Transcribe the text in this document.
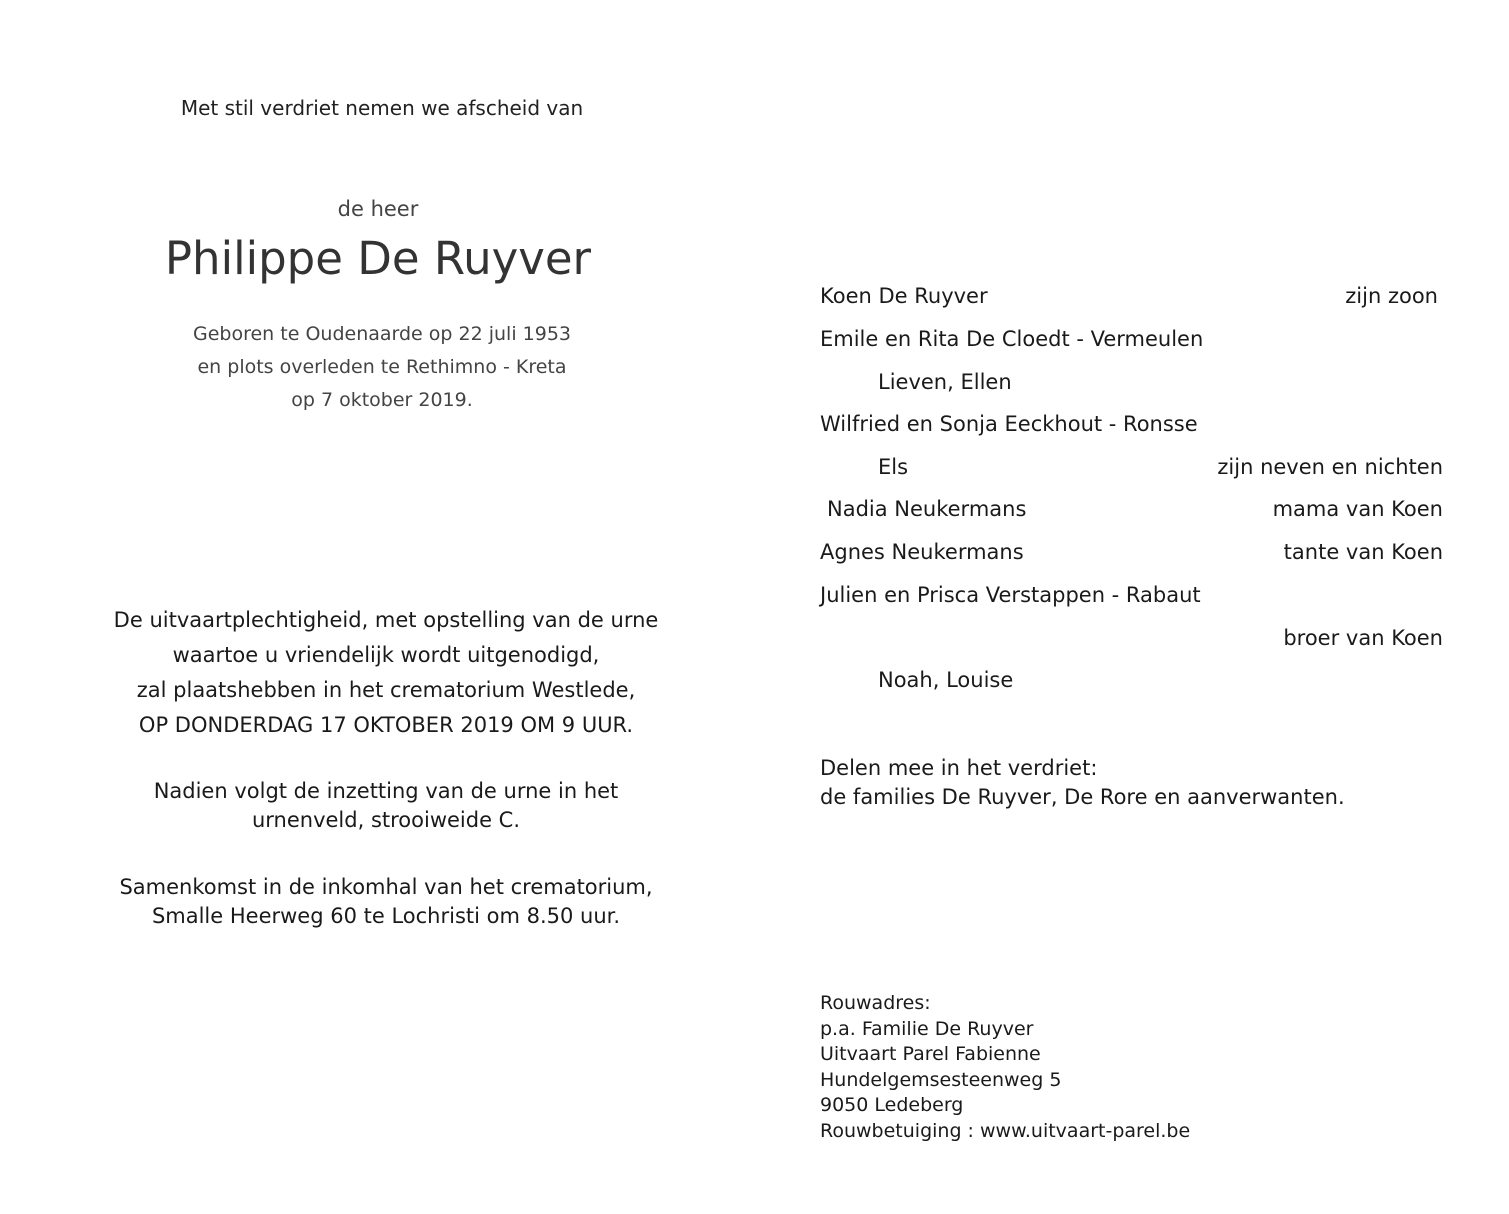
Met stil verdriet nemen we afscheid van
de heer
Philippe De Ruyver
Geboren te Oudenaarde op 22 juli 1953
en plots overleden te Rethimno - Kreta
op 7 oktober 2019.
De uitvaartplechtigheid, met opstelling van de urne
waartoe u vriendelijk wordt uitgenodigd,
zal plaatshebben in het crematorium Westlede,
OP DONDERDAG 17 OKTOBER 2019 OM 9 UUR.
Nadien volgt de inzetting van de urne in het
urnenveld, strooiweide C.
Samenkomst in de inkomhal van het crematorium,
Smalle Heerweg 60 te Lochristi om 8.50 uur.
Koen De Ruyver	zijn zoon
Emile en Rita De Cloedt - Vermeulen
Lieven, Ellen
Wilfried en Sonja Eeckhout - Ronsse
Els	zijn neven en nichten
Nadia Neukermans	mama van Koen
Agnes Neukermans	tante van Koen
Julien en Prisca Verstappen - Rabaut
broer van Koen
Noah, Louise
Delen mee in het verdriet:
de families De Ruyver, De Rore en aanverwanten.
Rouwadres:
p.a. Familie De Ruyver
Uitvaart Parel Fabienne
Hundelgemsesteenweg 5
9050 Ledeberg
Rouwbetuiging : www.uitvaart-parel.be
